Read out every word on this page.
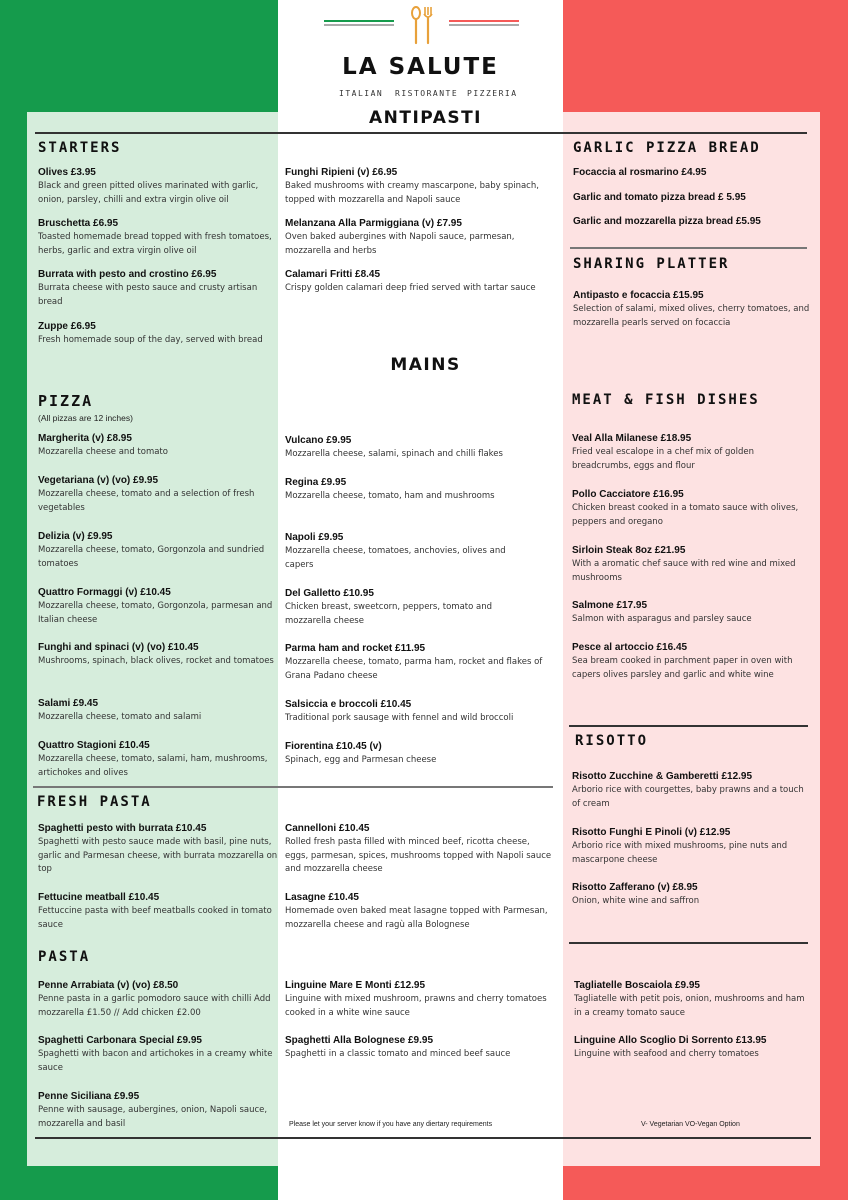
LA SALUTE
ITALIAN RISTORANTE PIZZERIA
ANTIPASTI
STARTERS
Olives £3.95
Black and green pitted olives marinated with garlic, onion, parsley, chilli and extra virgin olive oil
Bruschetta £6.95
Toasted homemade bread topped with fresh tomatoes, herbs, garlic and extra virgin olive oil
Burrata with pesto and crostino £6.95
Burrata cheese with pesto sauce and crusty artisan bread
Zuppe £6.95
Fresh homemade soup of the day, served with bread
Funghi Ripieni (v) £6.95
Baked mushrooms with creamy mascarpone, baby spinach, topped with mozzarella and Napoli sauce
Melanzana Alla Parmiggiana (v) £7.95
Oven baked aubergines with Napoli sauce, parmesan, mozzarella and herbs
Calamari Fritti £8.45
Crispy golden calamari deep fried served with tartar sauce
GARLIC PIZZA BREAD
Focaccia al rosmarino £4.95
Garlic and tomato pizza bread £ 5.95
Garlic and mozzarella pizza bread £5.95
SHARING PLATTER
Antipasto e focaccia £15.95
Selection of salami, mixed olives, cherry tomatoes, and mozzarella pearls served on focaccia
MAINS
PIZZA
(All pizzas are 12 inches)
Margherita (v) £8.95
Mozzarella cheese and tomato
Vegetariana (v) (vo) £9.95
Mozzarella cheese, tomato and a selection of fresh vegetables
Delizia (v) £9.95
Mozzarella cheese, tomato, Gorgonzola and sundried tomatoes
Quattro Formaggi (v) £10.45
Mozzarella cheese, tomato, Gorgonzola, parmesan and Italian cheese
Funghi and spinaci (v) (vo) £10.45
Mushrooms, spinach, black olives, rocket and tomatoes
Salami £9.45
Mozzarella cheese, tomato and salami
Quattro Stagioni £10.45
Mozzarella cheese, tomato, salami, ham, mushrooms, artichokes and olives
Vulcano £9.95
Mozzarella cheese, salami, spinach and chilli flakes
Regina £9.95
Mozzarella cheese, tomato, ham and mushrooms
Napoli £9.95
Mozzarella cheese, tomatoes, anchovies, olives and capers
Del Galletto £10.95
Chicken breast, sweetcorn, peppers, tomato and mozzarella cheese
Parma ham and rocket £11.95
Mozzarella cheese, tomato, parma ham, rocket and flakes of Grana Padano cheese
Salsiccia e broccoli £10.45
Traditional pork sausage with fennel and wild broccoli
Fiorentina £10.45 (v)
Spinach, egg and Parmesan cheese
MEAT & FISH DISHES
Veal Alla Milanese £18.95
Fried veal escalope in a chef mix of golden breadcrumbs, eggs and flour
Pollo Cacciatore £16.95
Chicken breast cooked in a tomato sauce with olives, peppers and oregano
Sirloin Steak 8oz £21.95
With a aromatic chef sauce with red wine and mixed mushrooms
Salmone £17.95
Salmon with asparagus and parsley sauce
Pesce al artoccio £16.45
Sea bream cooked in parchment paper in oven with capers olives parsley and garlic and white wine
FRESH PASTA
Spaghetti pesto with burrata £10.45
Spaghetti with pesto sauce made with basil, pine nuts, garlic and Parmesan cheese, with burrata mozzarella on top
Fettucine meatball £10.45
Fettuccine pasta with beef meatballs cooked in tomato sauce
Cannelloni £10.45
Rolled fresh pasta filled with minced beef, ricotta cheese, eggs, parmesan, spices, mushrooms topped with Napoli sauce and mozzarella cheese
Lasagne £10.45
Homemade oven baked meat lasagne topped with Parmesan, mozzarella cheese and ragù alla Bolognese
RISOTTO
Risotto Zucchine & Gamberetti £12.95
Arborio rice with courgettes, baby prawns and a touch of cream
Risotto Funghi E Pinoli (v) £12.95
Arborio rice with mixed mushrooms, pine nuts and mascarpone cheese
Risotto Zafferano (v) £8.95
Onion, white wine and saffron
PASTA
Penne Arrabiata (v) (vo) £8.50
Penne pasta in a garlic pomodoro sauce with chilli Add mozzarella £1.50 // Add chicken £2.00
Spaghetti Carbonara Special £9.95
Spaghetti with bacon and artichokes in a creamy white sauce
Penne Siciliana £9.95
Penne with sausage, aubergines, onion, Napoli sauce, mozzarella and basil
Linguine Mare E Monti £12.95
Linguine with mixed mushroom, prawns and cherry tomatoes cooked in a white wine sauce
Spaghetti Alla Bolognese £9.95
Spaghetti in a classic tomato and minced beef sauce
Tagliatelle Boscaiola £9.95
Tagliatelle with petit pois, onion, mushrooms and ham in a creamy tomato sauce
Linguine Allo Scoglio Di Sorrento £13.95
Linguine with seafood and cherry tomatoes
Please let your server know if you have any diertary requirements	V- Vegetarian VO-Vegan Option
